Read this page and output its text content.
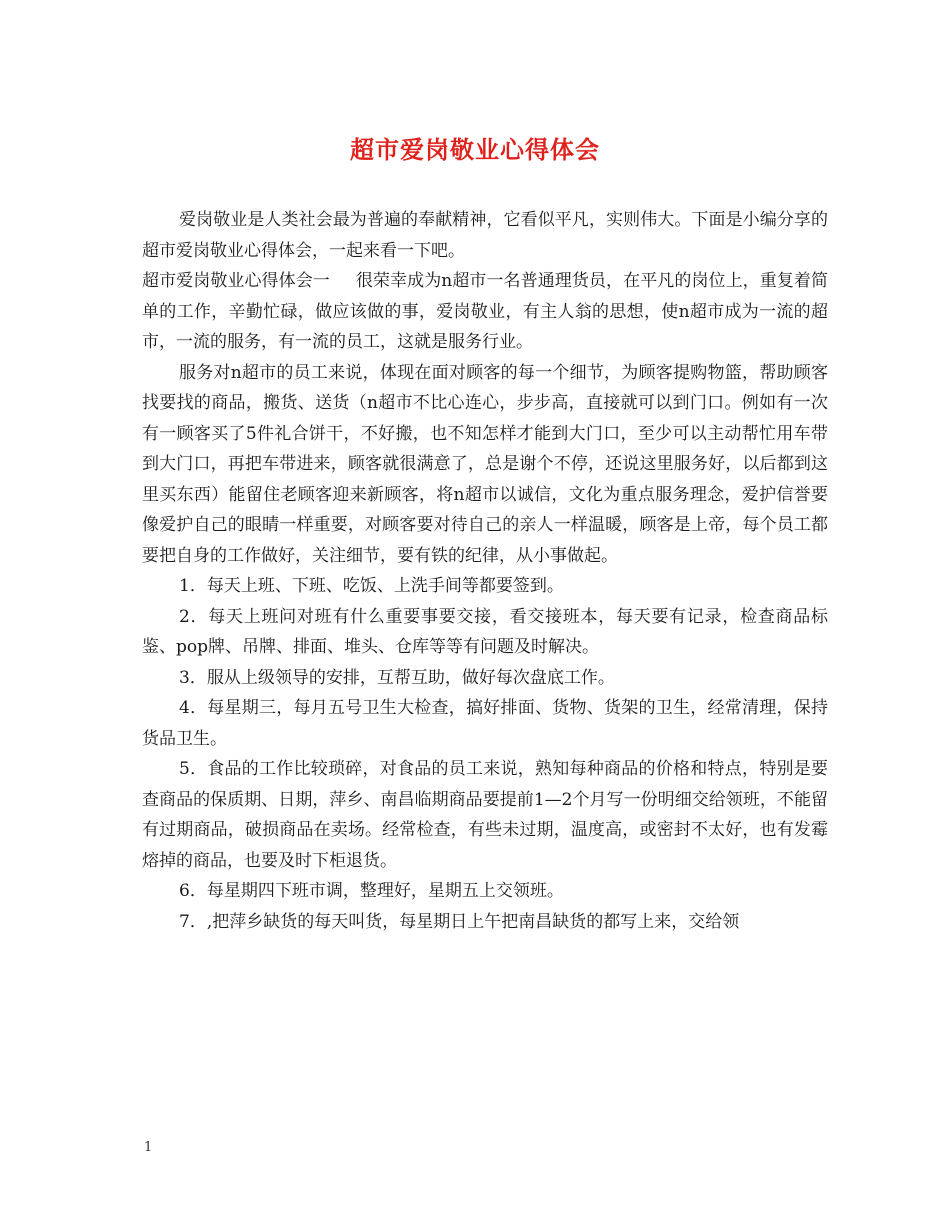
超市爱岗敬业心得体会

爱岗敬业是人类社会最为普遍的奉献精神，它看似平凡，实则伟大。下面是小编分享的超市爱岗敬业心得体会，一起来看一下吧。

超市爱岗敬业心得体会一 很荣幸成为n超市一名普通理货员，在平凡的岗位上，重复着简单的工作，辛勤忙碌，做应该做的事，爱岗敬业，有主人翁的思想，使n超市成为一流的超市，一流的服务，有一流的员工，这就是服务行业。

服务对n超市的员工来说，体现在面对顾客的每一个细节，为顾客提购物篮，帮助顾客找要找的商品，搬货、送货（n超市不比心连心，步步高，直接就可以到门口。例如有一次有一顾客买了5件礼合饼干，不好搬，也不知怎样才能到大门口，至少可以主动帮忙用车带到大门口，再把车带进来，顾客就很满意了，总是谢个不停，还说这里服务好，以后都到这里买东西）能留住老顾客迎来新顾客，将n超市以诚信，文化为重点服务理念，爱护信誉要像爱护自己的眼睛一样重要，对顾客要对待自己的亲人一样温暖，顾客是上帝，每个员工都要把自身的工作做好，关注细节，要有铁的纪律，从小事做起。

1．每天上班、下班、吃饭、上洗手间等都要签到。

2．每天上班问对班有什么重要事要交接，看交接班本，每天要有记录，检查商品标鉴、pop牌、吊牌、排面、堆头、仓库等等有问题及时解决。

3．服从上级领导的安排，互帮互助，做好每次盘底工作。

4．每星期三，每月五号卫生大检查，搞好排面、货物、货架的卫生，经常清理，保持货品卫生。

5．食品的工作比较琐碎，对食品的员工来说，熟知每种商品的价格和特点，特别是要查商品的保质期、日期，萍乡、南昌临期商品要提前1—2个月写一份明细交给领班，不能留有过期商品，破损商品在卖场。经常检查，有些未过期，温度高，或密封不太好，也有发霉熔掉的商品，也要及时下柜退货。

6．每星期四下班市调，整理好，星期五上交领班。

7．,把萍乡缺货的每天叫货，每星期日上午把南昌缺货的都写上来，交给领

1
